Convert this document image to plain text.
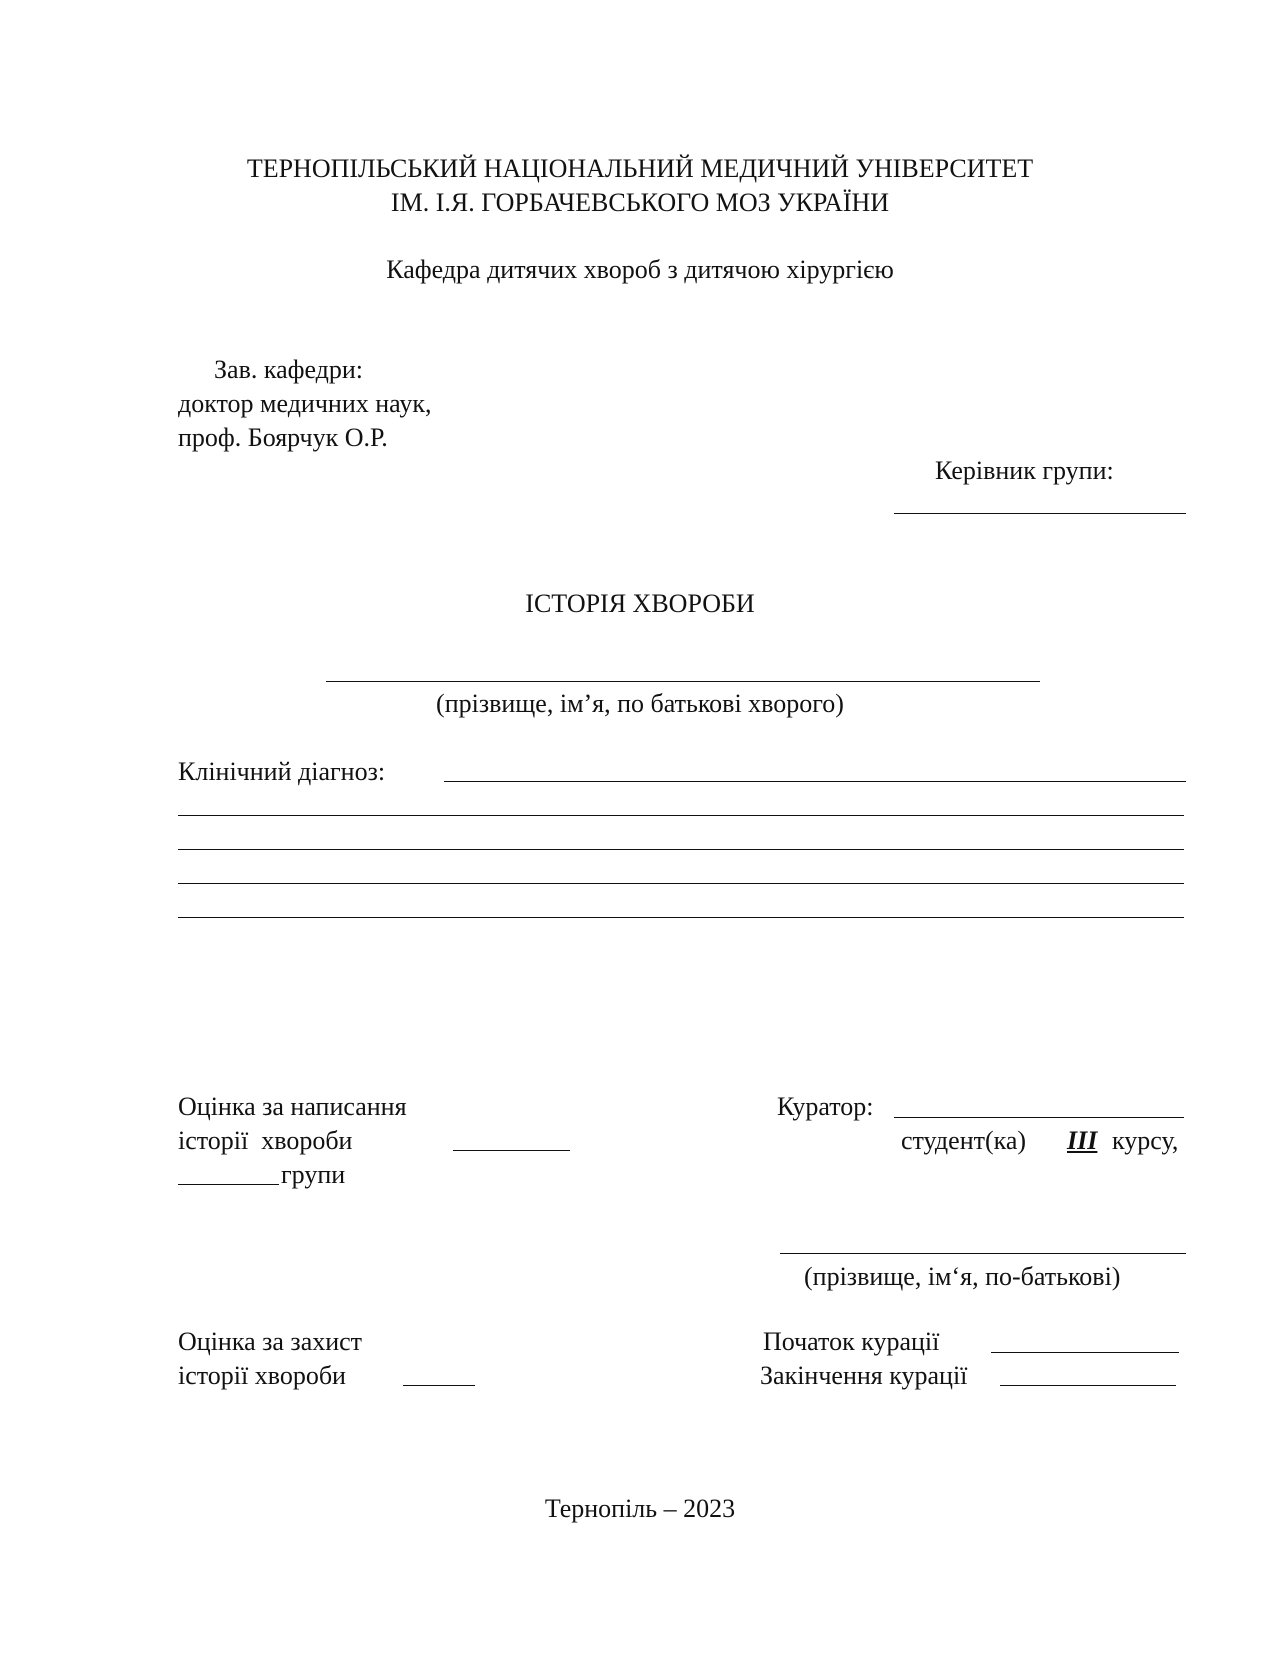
ТЕРНОПІЛЬСЬКИЙ НАЦІОНАЛЬНИЙ МЕДИЧНИЙ УНІВЕРСИТЕТ
ІМ. І.Я. ГОРБАЧЕВСЬКОГО МОЗ УКРАЇНИ
Кафедра дитячих хвороб з дитячою хірургією
Зав. кафедри:
доктор медичних наук,
проф. Боярчук О.Р.
Керівник групи:
ІСТОРІЯ ХВОРОБИ
(прізвище, ім’я, по батькові хворого)
Клінічний діагноз:
Оцінка за написання
історії  хвороби
групи
Куратор:
студент(ка) ІІІ курсу,
(прізвище, ім‘я, по-батькові)
Оцінка за захист
історії хвороби
Початок курації
Закінчення курації
Тернопіль – 2023
